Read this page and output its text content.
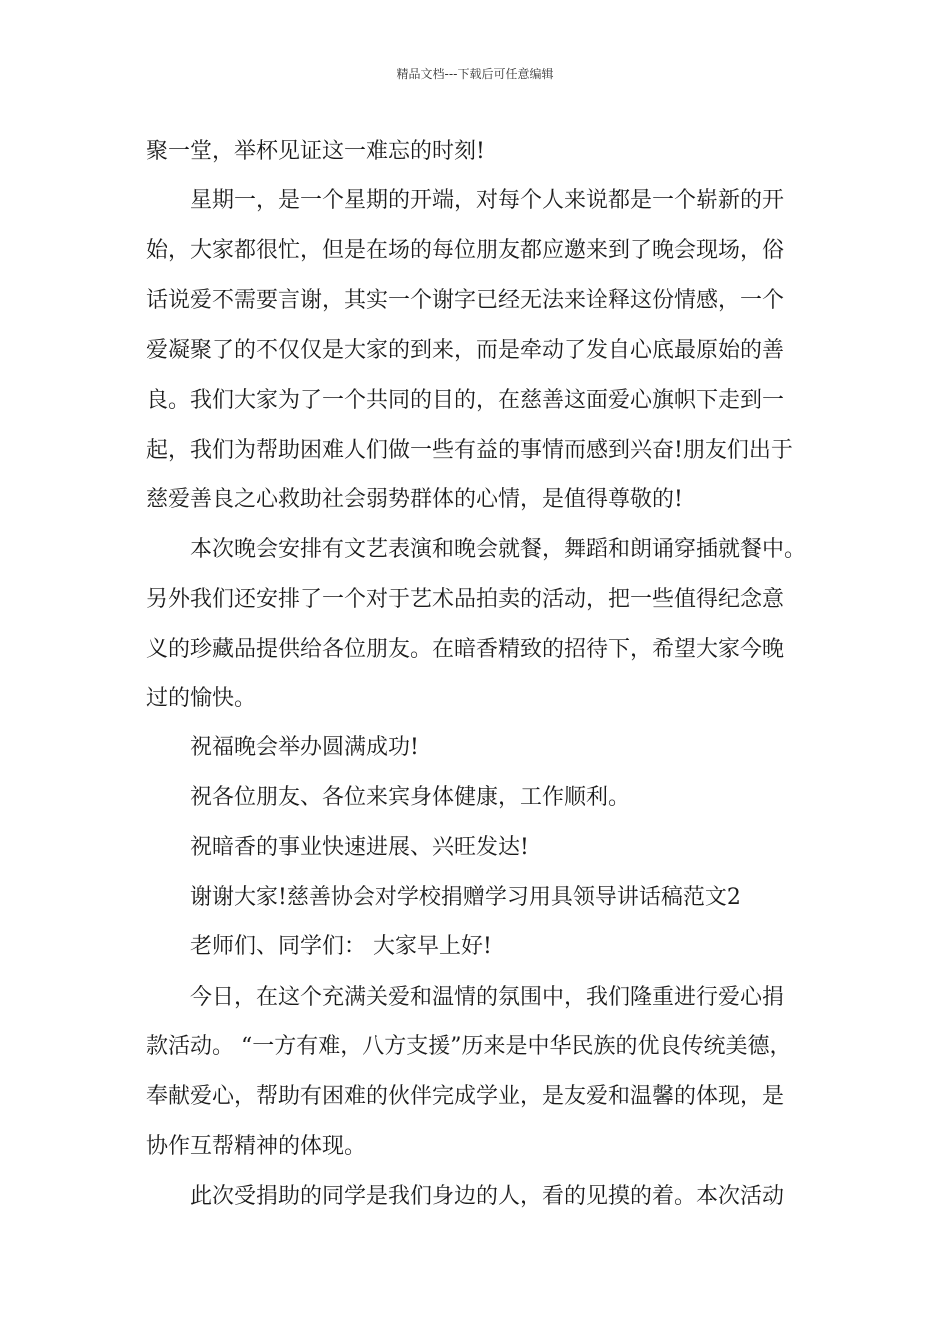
精品文档---下载后可任意编辑
聚一堂，举杯见证这一难忘的时刻!
星期一，是一个星期的开端，对每个人来说都是一个崭新的开
始，大家都很忙，但是在场的每位朋友都应邀来到了晚会现场，俗
话说爱不需要言谢，其实一个谢字已经无法来诠释这份情感，一个
爱凝聚了的不仅仅是大家的到来，而是牵动了发自心底最原始的善
良。我们大家为了一个共同的目的，在慈善这面爱心旗帜下走到一
起，我们为帮助困难人们做一些有益的事情而感到兴奋!朋友们出于
慈爱善良之心救助社会弱势群体的心情，是值得尊敬的!
本次晚会安排有文艺表演和晚会就餐，舞蹈和朗诵穿插就餐中。
另外我们还安排了一个对于艺术品拍卖的活动，把一些值得纪念意
义的珍藏品提供给各位朋友。在暗香精致的招待下，希望大家今晚
过的愉快。
祝福晚会举办圆满成功!
祝各位朋友、各位来宾身体健康，工作顺利。
祝暗香的事业快速进展、兴旺发达!
谢谢大家!慈善协会对学校捐赠学习用具领导讲话稿范文2
老师们、同学们： 大家早上好!
今日，在这个充满关爱和温情的氛围中，我们隆重进行爱心捐
款活动。 “一方有难，八方支援”历来是中华民族的优良传统美德，
奉献爱心，帮助有困难的伙伴完成学业，是友爱和温馨的体现，是
协作互帮精神的体现。
此次受捐助的同学是我们身边的人，看的见摸的着。本次活动
